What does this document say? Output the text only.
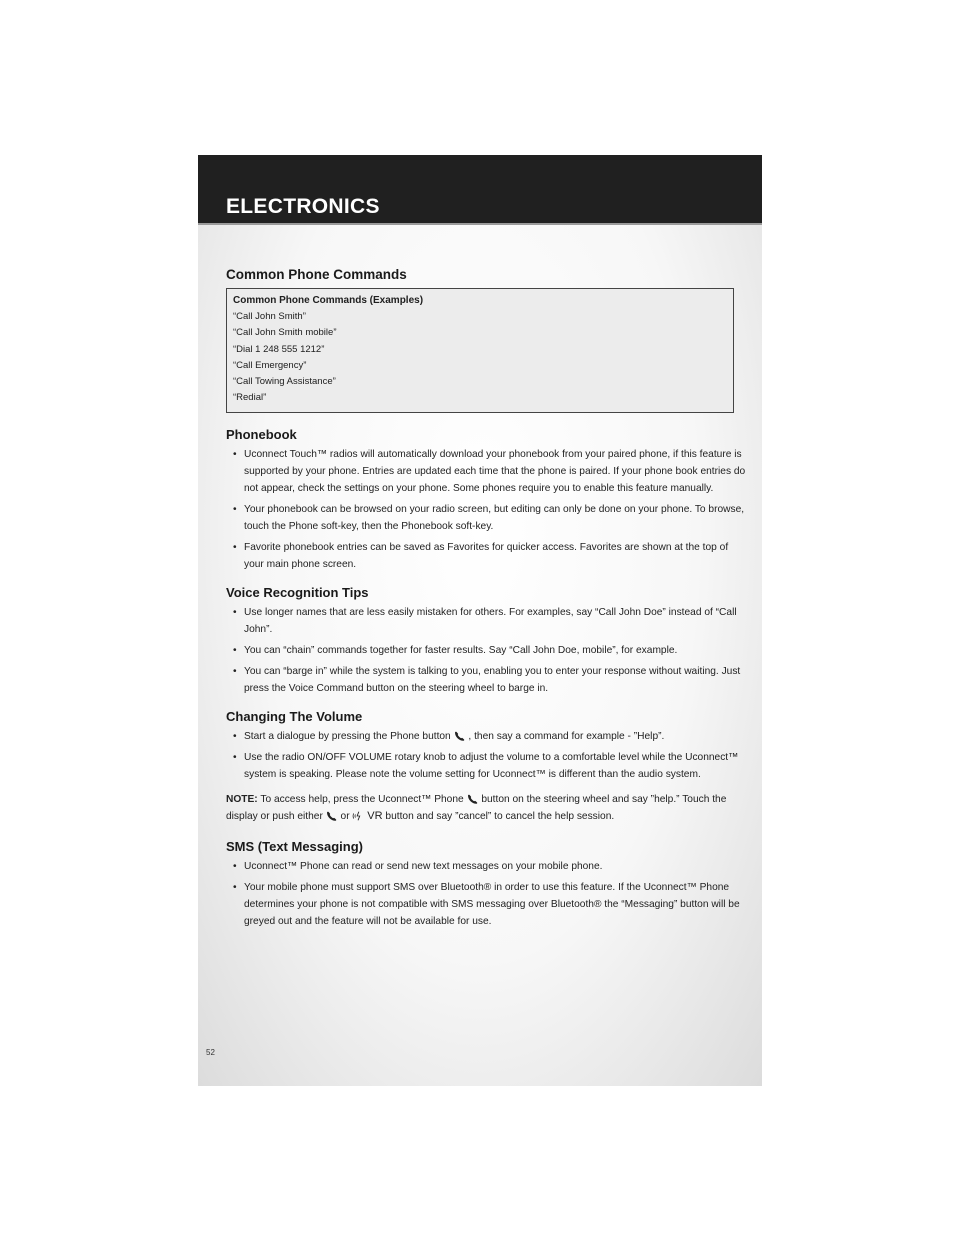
ELECTRONICS
Common Phone Commands
Common Phone Commands (Examples)
“Call John Smith”
“Call John Smith mobile”
“Dial 1 248 555 1212”
“Call Emergency”
“Call Towing Assistance”
“Redial”
Phonebook
• Uconnect Touch™ radios will automatically download your phonebook from your paired phone, if this feature is supported by your phone. Entries are updated each time that the phone is paired. If your phone book entries do not appear, check the settings on your phone. Some phones require you to enable this feature manually.
• Your phonebook can be browsed on your radio screen, but editing can only be done on your phone. To browse, touch the Phone soft-key, then the Phonebook soft-key.
• Favorite phonebook entries can be saved as Favorites for quicker access. Favorites are shown at the top of your main phone screen.
Voice Recognition Tips
• Use longer names that are less easily mistaken for others. For examples, say “Call John Doe” instead of “Call John”.
• You can “chain” commands together for faster results. Say “Call John Doe, mobile”, for example.
• You can “barge in” while the system is talking to you, enabling you to enter your response without waiting. Just press the Voice Command button on the steering wheel to barge in.
Changing The Volume
• Start a dialogue by pressing the Phone button , then say a command for example - ”Help”.
• Use the radio ON/OFF VOLUME rotary knob to adjust the volume to a comfortable level while the Uconnect™ system is speaking. Please note the volume setting for Uconnect™ is different than the audio system.
NOTE: To access help, press the Uconnect™ Phone button on the steering wheel and say ”help.” Touch the display or push either or VR button and say ”cancel” to cancel the help session.
SMS (Text Messaging)
• Uconnect™ Phone can read or send new text messages on your mobile phone.
• Your mobile phone must support SMS over Bluetooth® in order to use this feature. If the Uconnect™ Phone determines your phone is not compatible with SMS messaging over Bluetooth® the “Messaging” button will be greyed out and the feature will not be available for use.
52
